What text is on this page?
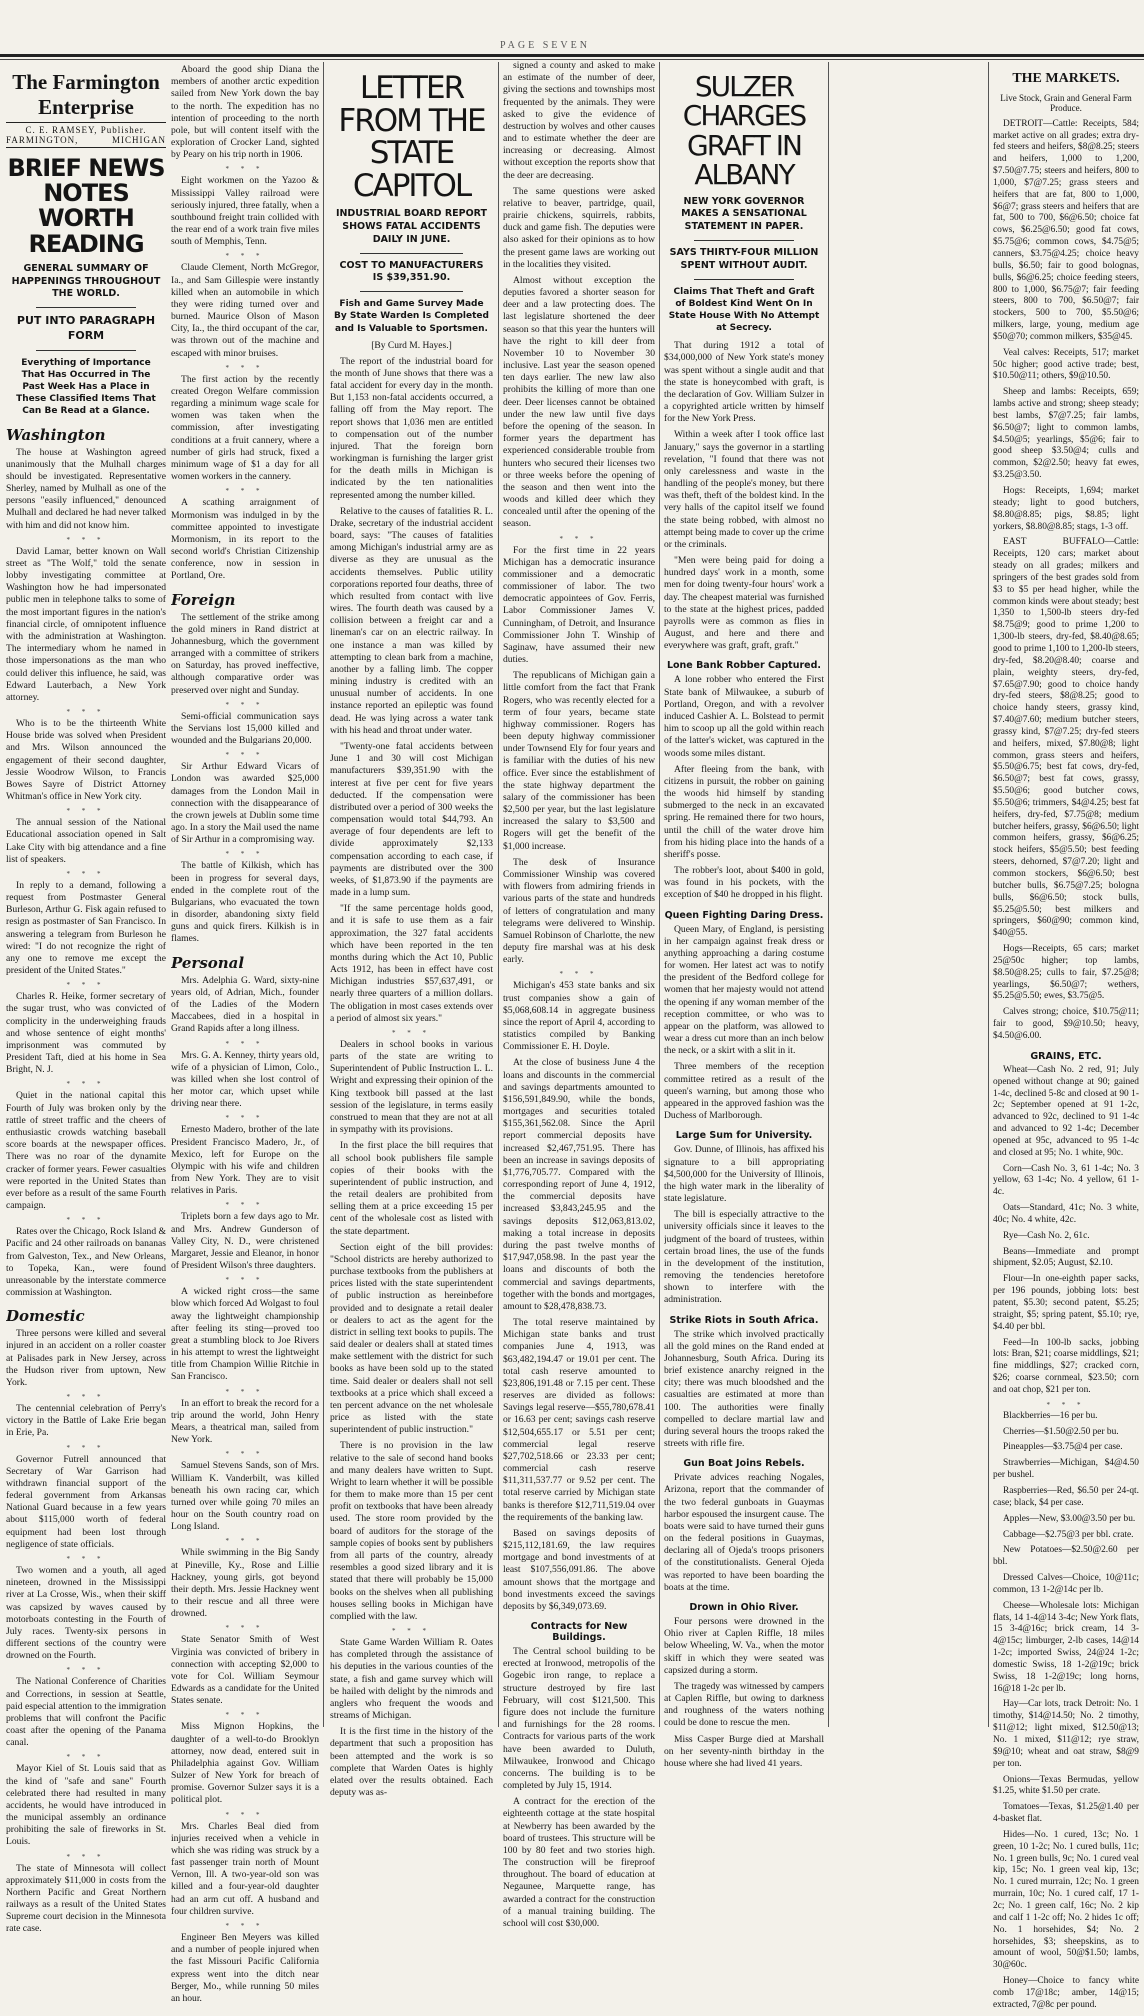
PAGE SEVEN
The Farmington Enterprise
C. E. RAMSEY, Publisher.
FARMINGTON,	MICHIGAN
BRIEF NEWS NOTES WORTH READING
GENERAL SUMMARY OF HAPPENINGS THROUGHOUT THE WORLD.
PUT INTO PARAGRAPH FORM
Everything of Importance That Has Occurred in The Past Week Has a Place in These Classified Items That Can Be Read at a Glance.
Washington

The house at Washington agreed unanimously that the Mulhall charges should be investigated. Representative Sherley, named by Mulhall as one of the persons "easily influenced," denounced Mulhall and declared he had never talked with him and did not know him.

* * *

David Lamar, better known on Wall street as "The Wolf," told the senate lobby investigating committee at Washington how he had impersonated public men in telephone talks to some of the most important figures in the nation's financial circle, of omnipotent influence with the administration at Washington. The intermediary whom he named in those impersonations as the man who could deliver this influence, he said, was Edward Lauterbach, a New York attorney.

* * *

Who is to be the thirteenth White House bride was solved when President and Mrs. Wilson announced the engagement of their second daughter, Jessie Woodrow Wilson, to Francis Bowes Sayre of District Attorney Whitman's office in New York city.

* * *

The annual session of the National Educational association opened in Salt Lake City with big attendance and a fine list of speakers.

* * *

In reply to a demand, following a request from Postmaster General Burleson, Arthur G. Fisk again refused to resign as postmaster of San Francisco. In answering a telegram from Burleson he wired: "I do not recognize the right of any one to remove me except the president of the United States."

* * *

Charles R. Heike, former secretary of the sugar trust, who was convicted of complicity in the underweighing frauds and whose sentence of eight months' imprisonment was commuted by President Taft, died at his home in Sea Bright, N. J.

* * *

Quiet in the national capital this Fourth of July was broken only by the rattle of street traffic and the cheers of enthusiastic crowds watching baseball score boards at the newspaper offices. There was no roar of the dynamite cracker of former years. Fewer casualties were reported in the United States than ever before as a result of the same Fourth campaign.

* * *

Rates over the Chicago, Rock Island & Pacific and 24 other railroads on bananas from Galveston, Tex., and New Orleans, to Topeka, Kan., were found unreasonable by the interstate commerce commission at Washington.

Domestic

Three persons were killed and several injured in an accident on a roller coaster at Palisades park in New Jersey, across the Hudson river from uptown, New York.

* * *

The centennial celebration of Perry's victory in the Battle of Lake Erie began in Erie, Pa.

* * *

Governor Futrell announced that Secretary of War Garrison had withdrawn financial support of the federal government from Arkansas National Guard because in a few years about $115,000 worth of federal equipment had been lost through negligence of state officials.

* * *

Two women and a youth, all aged nineteen, drowned in the Mississippi river at La Crosse, Wis., when their skiff was capsized by waves caused by motorboats contesting in the Fourth of July races. Twenty-six persons in different sections of the country were drowned on the Fourth.

* * *

The National Conference of Charities and Corrections, in session at Seattle, paid especial attention to the immigration problems that will confront the Pacific coast after the opening of the Panama canal.

* * *

Mayor Kiel of St. Louis said that as the kind of "safe and sane" Fourth celebrated there had resulted in many accidents, he would have introduced in the municipal assembly an ordinance prohibiting the sale of fireworks in St. Louis.

* * *

The state of Minnesota will collect approximately $11,000 in costs from the Northern Pacific and Great Northern railways as a result of the United States Supreme court decision in the Minnesota rate case.

Aboard the good ship Diana the members of another arctic expedition sailed from New York down the bay to the north. The expedition has no intention of proceeding to the north pole, but will content itself with the exploration of Crocker Land, sighted by Peary on his trip north in 1906.

* * *

Eight workmen on the Yazoo & Mississippi Valley railroad were seriously injured, three fatally, when a southbound freight train collided with the rear end of a work train five miles south of Memphis, Tenn.

* * *

Claude Clement, North McGregor, Ia., and Sam Gillespie were instantly killed when an automobile in which they were riding turned over and burned. Maurice Olson of Mason City, Ia., the third occupant of the car, was thrown out of the machine and escaped with minor bruises.

* * *

The first action by the recently created Oregon Welfare commission regarding a minimum wage scale for women was taken when the commission, after investigating conditions at a fruit cannery, where a number of girls had struck, fixed a minimum wage of $1 a day for all women workers in the cannery.

* * *

A scathing arraignment of Mormonism was indulged in by the committee appointed to investigate Mormonism, in its report to the second world's Christian Citizenship conference, now in session in Portland, Ore.

Foreign

The settlement of the strike among the gold miners in Rand district at Johannesburg, which the government arranged with a committee of strikers on Saturday, has proved ineffective, although comparative order was preserved over night and Sunday.

* * *

Semi-official communication says the Servians lost 15,000 killed and wounded and the Bulgarians 20,000.

* * *

Sir Arthur Edward Vicars of London was awarded $25,000 damages from the London Mail in connection with the disappearance of the crown jewels at Dublin some time ago. In a story the Mail used the name of Sir Arthur in a compromising way.

* * *

The battle of Kilkish, which has been in progress for several days, ended in the complete rout of the Bulgarians, who evacuated the town in disorder, abandoning sixty field guns and quick firers. Kilkish is in flames.

Personal

Mrs. Adelphia G. Ward, sixty-nine years old, of Adrian, Mich., founder of the Ladies of the Modern Maccabees, died in a hospital in Grand Rapids after a long illness.

* * *

Mrs. G. A. Kenney, thirty years old, wife of a physician of Limon, Colo., was killed when she lost control of her motor car, which upset while driving near there.

* * *

Ernesto Madero, brother of the late President Francisco Madero, Jr., of Mexico, left for Europe on the Olympic with his wife and children from New York. They are to visit relatives in Paris.

* * *

Triplets born a few days ago to Mr. and Mrs. Andrew Gunderson of Valley City, N. D., were christened Margaret, Jessie and Eleanor, in honor of President Wilson's three daughters.

* * *

A wicked right cross—the same blow which forced Ad Wolgast to foul away the lightweight championship after feeling its sting—proved too great a stumbling block to Joe Rivers in his attempt to wrest the lightweight title from Champion Willie Ritchie in San Francisco.

* * *

In an effort to break the record for a trip around the world, John Henry Mears, a theatrical man, sailed from New York.

* * *

Samuel Stevens Sands, son of Mrs. William K. Vanderbilt, was killed beneath his own racing car, which turned over while going 70 miles an hour on the South country road on Long Island.

* * *

While swimming in the Big Sandy at Pineville, Ky., Rose and Lillie Hackney, young girls, got beyond their depth. Mrs. Jessie Hackney went to their rescue and all three were drowned.

* * *

State Senator Smith of West Virginia was convicted of bribery in connection with accepting $2,000 to vote for Col. William Seymour Edwards as a candidate for the United States senate.

* * *

Miss Mignon Hopkins, the daughter of a well-to-do Brooklyn attorney, now dead, entered suit in Philadelphia against Gov. William Sulzer of New York for breach of promise. Governor Sulzer says it is a political plot.

* * *

Mrs. Charles Beal died from injuries received when a vehicle in which she was riding was struck by a fast passenger train north of Mount Vernon, Ill. A two-year-old son was killed and a four-year-old daughter had an arm cut off. A husband and four children survive.

* * *

Engineer Ben Meyers was killed and a number of people injured when the fast Missouri Pacific California express went into the ditch near Berger, Mo., while running 50 miles an hour.

LETTER FROM THE STATE CAPITOL
INDUSTRIAL BOARD REPORT SHOWS FATAL ACCIDENTS DAILY IN JUNE.
COST TO MANUFACTURERS IS $39,351.90.
Fish and Game Survey Made By State Warden Is Completed and Is Valuable to Sportsmen.
[By Curd M. Hayes.]

The report of the industrial board for the month of June shows that there was a fatal accident for every day in the month. But 1,153 non-fatal accidents occurred, a falling off from the May report. The report shows that 1,036 men are entitled to compensation out of the number injured. That the foreign born workingman is furnishing the larger grist for the death mills in Michigan is indicated by the ten nationalities represented among the number killed.

Relative to the causes of fatalities R. L. Drake, secretary of the industrial accident board, says: "The causes of fatalities among Michigan's industrial army are as diverse as they are unusual as the accidents themselves. Public utility corporations reported four deaths, three of which resulted from contact with live wires. The fourth death was caused by a collision between a freight car and a lineman's car on an electric railway. In one instance a man was killed by attempting to clean bark from a machine, another by a falling limb. The copper mining industry is credited with an unusual number of accidents. In one instance reported an epileptic was found dead. He was lying across a water tank with his head and throat under water.

"Twenty-one fatal accidents between June 1 and 30 will cost Michigan manufacturers $39,351.90 with the interest at five per cent for five years deducted. If the compensation were distributed over a period of 300 weeks the compensation would total $44,793. An average of four dependents are left to divide approximately $2,133 compensation according to each case, if payments are distributed over the 300 weeks, of $1,873.90 if the payments are made in a lump sum.

"If the same percentage holds good, and it is safe to use them as a fair approximation, the 327 fatal accidents which have been reported in the ten months during which the Act 10, Public Acts 1912, has been in effect have cost Michigan industries $57,637,491, or nearly three quarters of a million dollars. The obligation in most cases extends over a period of almost six years."

* * *

Dealers in school books in various parts of the state are writing to Superintendent of Public Instruction L. L. Wright and expressing their opinion of the King textbook bill passed at the last session of the legislature, in terms easily construed to mean that they are not at all in sympathy with its provisions.

In the first place the bill requires that all school book publishers file sample copies of their books with the superintendent of public instruction, and the retail dealers are prohibited from selling them at a price exceeding 15 per cent of the wholesale cost as listed with the state department.

Section eight of the bill provides: "School districts are hereby authorized to purchase textbooks from the publishers at prices listed with the state superintendent of public instruction as hereinbefore provided and to designate a retail dealer or dealers to act as the agent for the district in selling text books to pupils. The said dealer or dealers shall at stated times make settlement with the district for such books as have been sold up to the stated time. Said dealer or dealers shall not sell textbooks at a price which shall exceed a ten percent advance on the net wholesale price as listed with the state superintendent of public instruction."

There is no provision in the law relative to the sale of second hand books and many dealers have written to Supt. Wright to learn whether it will be possible for them to make more than 15 per cent profit on textbooks that have been already used. The store room provided by the board of auditors for the storage of the sample copies of books sent by publishers from all parts of the country, already resembles a good sized library and it is stated that there will probably be 15,000 books on the shelves when all publishing houses selling books in Michigan have complied with the law.

* * *

State Game Warden William R. Oates has completed through the assistance of his deputies in the various counties of the state, a fish and game survey which will be hailed with delight by the nimrods and anglers who frequent the woods and streams of Michigan.

It is the first time in the history of the department that such a proposition has been attempted and the work is so complete that Warden Oates is highly elated over the results obtained. Each deputy was as-

signed a county and asked to make an estimate of the number of deer, giving the sections and townships most frequented by the animals. They were asked to give the evidence of destruction by wolves and other causes and to estimate whether the deer are increasing or decreasing. Almost without exception the reports show that the deer are decreasing.

The same questions were asked relative to beaver, partridge, quail, prairie chickens, squirrels, rabbits, duck and game fish. The deputies were also asked for their opinions as to how the present game laws are working out in the localities they visited.

Almost without exception the deputies favored a shorter season for deer and a law protecting does. The last legislature shortened the deer season so that this year the hunters will have the right to kill deer from November 10 to November 30 inclusive. Last year the season opened ten days earlier. The new law also prohibits the killing of more than one deer. Deer licenses cannot be obtained under the new law until five days before the opening of the season. In former years the department has experienced considerable trouble from hunters who secured their licenses two or three weeks before the opening of the season and then went into the woods and killed deer which they concealed until after the opening of the season.

* * *

For the first time in 22 years Michigan has a democratic insurance commissioner and a democratic commissioner of labor. The two democratic appointees of Gov. Ferris, Labor Commissioner James V. Cunningham, of Detroit, and Insurance Commissioner John T. Winship of Saginaw, have assumed their new duties.

The republicans of Michigan gain a little comfort from the fact that Frank Rogers, who was recently elected for a term of four years, became state highway commissioner. Rogers has been deputy highway commissioner under Townsend Ely for four years and is familiar with the duties of his new office. Ever since the establishment of the state highway department the salary of the commissioner has been $2,500 per year, but the last legislature increased the salary to $3,500 and Rogers will get the benefit of the $1,000 increase.

The desk of Insurance Commissioner Winship was covered with flowers from admiring friends in various parts of the state and hundreds of letters of congratulation and many telegrams were delivered to Winship. Samuel Robinson of Charlotte, the new deputy fire marshal was at his desk early.

* * *

Michigan's 453 state banks and six trust companies show a gain of $5,068,608.14 in aggregate business since the report of April 4, according to statistics compiled by Banking Commissioner E. H. Doyle.

At the close of business June 4 the loans and discounts in the commercial and savings departments amounted to $156,591,849.90, while the bonds, mortgages and securities totaled $155,361,562.08. Since the April report commercial deposits have increased $2,467,751.95. There has been an increase in savings deposits of $1,776,705.77. Compared with the corresponding report of June 4, 1912, the commercial deposits have increased $3,843,245.95 and the savings deposits $12,063,813.02, making a total increase in deposits during the past twelve months of $17,947,058.98. In the past year the loans and discounts of both the commercial and savings departments, together with the bonds and mortgages, amount to $28,478,838.73.

The total reserve maintained by Michigan state banks and trust companies June 4, 1913, was $63,482,194.47 or 19.01 per cent. The total cash reserve amounted to $23,806,191.48 or 7.15 per cent. These reserves are divided as follows: Savings legal reserve—$55,780,678.41 or 16.63 per cent; savings cash reserve $12,504,655.17 or 5.51 per cent; commercial legal reserve $27,702,518.66 or 23.33 per cent; commercial cash reserve $11,311,537.77 or 9.52 per cent. The total reserve carried by Michigan state banks is therefore $12,711,519.04 over the requirements of the banking law.

Based on savings deposits of $215,112,181.69, the law requires mortgage and bond investments of at least $107,556,091.86. The above amount shows that the mortgage and bond investments exceed the savings deposits by $6,349,073.69.

Contracts for New Buildings.

The Central school building to be erected at Ironwood, metropolis of the Gogebic iron range, to replace a structure destroyed by fire last February, will cost $121,500. This figure does not include the furniture and furnishings for the 28 rooms. Contracts for various parts of the work have been awarded to Duluth, Milwaukee, Ironwood and Chicago concerns. The building is to be completed by July 15, 1914.

A contract for the erection of the eighteenth cottage at the state hospital at Newberry has been awarded by the board of trustees. This structure will be 100 by 80 feet and two stories high. The construction will be fireproof throughout. The board of education at Negaunee, Marquette range, has awarded a contract for the construction of a manual training building. The school will cost $30,000.

SULZER CHARGES GRAFT IN ALBANY
NEW YORK GOVERNOR MAKES A SENSATIONAL STATEMENT IN PAPER.
SAYS THIRTY-FOUR MILLION SPENT WITHOUT AUDIT.
Claims That Theft and Graft of Boldest Kind Went On In State House With No Attempt at Secrecy.

That during 1912 a total of $34,000,000 of New York state's money was spent without a single audit and that the state is honeycombed with graft, is the declaration of Gov. William Sulzer in a copyrighted article written by himself for the New York Press.

Within a week after I took office last January," says the governor in a startling revelation, "I found that there was not only carelessness and waste in the handling of the people's money, but there was theft, theft of the boldest kind. In the very halls of the capitol itself we found the state being robbed, with almost no attempt being made to cover up the crime or the criminals.

"Men were being paid for doing a hundred days' work in a month, some men for doing twenty-four hours' work a day. The cheapest material was furnished to the state at the highest prices, padded payrolls were as common as flies in August, and here and there and everywhere was graft, graft, graft."

Lone Bank Robber Captured.

A lone robber who entered the First State bank of Milwaukee, a suburb of Portland, Oregon, and with a revolver induced Cashier A. L. Bolstead to permit him to scoop up all the gold within reach of the latter's wicket, was captured in the woods some miles distant.

After fleeing from the bank, with citizens in pursuit, the robber on gaining the woods hid himself by standing submerged to the neck in an excavated spring. He remained there for two hours, until the chill of the water drove him from his hiding place into the hands of a sheriff's posse.

The robber's loot, about $400 in gold, was found in his pockets, with the exception of $40 he dropped in his flight.

Queen Fighting Daring Dress.

Queen Mary, of England, is persisting in her campaign against freak dress or anything approaching a daring costume for women. Her latest act was to notify the president of the Bedford college for women that her majesty would not attend the opening if any woman member of the reception committee, or who was to appear on the platform, was allowed to wear a dress cut more than an inch below the neck, or a skirt with a slit in it.

Three members of the reception committee retired as a result of the queen's warning, but among those who appeared in the approved fashion was the Duchess of Marlborough.

Large Sum for University.

Gov. Dunne, of Illinois, has affixed his signature to a bill appropriating $4,500,000 for the University of Illinois, the high water mark in the liberality of state legislature.

The bill is especially attractive to the university officials since it leaves to the judgment of the board of trustees, within certain broad lines, the use of the funds in the development of the institution, removing the tendencies heretofore shown to interfere with the administration.

Strike Riots in South Africa.

The strike which involved practically all the gold mines on the Rand ended at Johannesburg, South Africa. During its brief existence anarchy reigned in the city; there was much bloodshed and the casualties are estimated at more than 100. The authorities were finally compelled to declare martial law and during several hours the troops raked the streets with rifle fire.

Gun Boat Joins Rebels.

Private advices reaching Nogales, Arizona, report that the commander of the two federal gunboats in Guaymas harbor espoused the insurgent cause. The boats were said to have turned their guns on the federal positions in Guaymas, declaring all of Ojeda's troops prisoners of the constitutionalists. General Ojeda was reported to have been boarding the boats at the time.

Drown in Ohio River.

Four persons were drowned in the Ohio river at Caplen Riffle, 18 miles below Wheeling, W. Va., when the motor skiff in which they were seated was capsized during a storm.

The tragedy was witnessed by campers at Caplen Riffle, but owing to darkness and roughness of the waters nothing could be done to rescue the men.

Miss Casper Burge died at Marshall on her seventy-ninth birthday in the house where she had lived 41 years.

THE MARKETS.
Live Stock, Grain and General Farm Produce.

DETROIT—Cattle: Receipts, 584; market active on all grades; extra dry-fed steers and heifers, $8@8.25; steers and heifers, 1,000 to 1,200, $7.50@7.75; steers and heifers, 800 to 1,000, $7@7.25; grass steers and heifers that are fat, 800 to 1,000, $6@7; grass steers and heifers that are fat, 500 to 700, $6@6.50; choice fat cows, $6.25@6.50; good fat cows, $5.75@6; common cows, $4.75@5; canners, $3.75@4.25; choice heavy bulls, $6.50; fair to good bolognas, bulls, $6@6.25; choice feeding steers, 800 to 1,000, $6.75@7; fair feeding steers, 800 to 700, $6.50@7; fair stockers, 500 to 700, $5.50@6; milkers, large, young, medium age $50@70; common milkers, $35@45.

Veal calves: Receipts, 517; market 50c higher; good active trade; best, $10.50@11; others, $9@10.50.

Sheep and lambs: Receipts, 659; lambs active and strong; sheep steady; best lambs, $7@7.25; fair lambs, $6.50@7; light to common lambs, $4.50@5; yearlings, $5@6; fair to good sheep $3.50@4; culls and common, $2@2.50; heavy fat ewes, $3.25@3.50.

Hogs: Receipts, 1,694; market steady; light to good butchers, $8.80@8.85; pigs, $8.85; light yorkers, $8.80@8.85; stags, 1-3 off.

EAST BUFFALO—Cattle: Receipts, 120 cars; market about steady on all grades; milkers and springers of the best grades sold from $3 to $5 per head higher, while the common kinds were about steady; best 1,350 to 1,500-lb steers dry-fed $8.75@9; good to prime 1,200 to 1,300-lb steers, dry-fed, $8.40@8.65; good to prime 1,100 to 1,200-lb steers, dry-fed, $8.20@8.40; coarse and plain, weighty steers, dry-fed, $7.65@7.90; good to choice handy dry-fed steers, $8@8.25; good to choice handy steers, grassy kind, $7.40@7.60; medium butcher steers, grassy kind, $7@7.25; dry-fed steers and heifers, mixed, $7.80@8; light common, grass steers and heifers, $5.50@6.75; best fat cows, dry-fed, $6.50@7; best fat cows, grassy, $5.50@6; good butcher cows, $5.50@6; trimmers, $4@4.25; best fat heifers, dry-fed, $7.75@8; medium butcher heifers, grassy, $6@6.50; light common heifers, grassy, $6@6.25; stock heifers, $5@5.50; best feeding steers, dehorned, $7@7.20; light and common stockers, $6@6.50; best butcher bulls, $6.75@7.25; bologna bulls, $6@6.50; stock bulls, $5.25@5.50; best milkers and springers, $60@90; common kind, $40@55.

Hogs—Receipts, 65 cars; market 25@50c higher; top lambs, $8.50@8.25; culls to fair, $7.25@8; yearlings, $6.50@7; wethers, $5.25@5.50; ewes, $3.75@5.

Calves strong; choice, $10.75@11; fair to good, $9@10.50; heavy, $4.50@6.00.

GRAINS, ETC.

Wheat—Cash No. 2 red, 91; July opened without change at 90; gained 1-4c, declined 5-8c and closed at 90 1-2c; September opened at 91 1-2c, advanced to 92c, declined to 91 1-4c and advanced to 92 1-4c; December opened at 95c, advanced to 95 1-4c and closed at 95; No. 1 white, 90c.

Corn—Cash No. 3, 61 1-4c; No. 3 yellow, 63 1-4c; No. 4 yellow, 61 1-4c.

Oats—Standard, 41c; No. 3 white, 40c; No. 4 white, 42c.

Rye—Cash No. 2, 61c.

Beans—Immediate and prompt shipment, $2.05; August, $2.10.

Flour—In one-eighth paper sacks, per 196 pounds, jobbing lots: best patent, $5.30; second patent, $5.25; straight, $5; spring patent, $5.10; rye, $4.40 per bbl.

Feed—In 100-lb sacks, jobbing lots: Bran, $21; coarse middlings, $21; fine middlings, $27; cracked corn, $26; coarse cornmeal, $23.50; corn and oat chop, $21 per ton.

* * *

Blackberries—16 per bu.

Cherries—$1.50@2.50 per bu.

Pineapples—$3.75@4 per case.

Strawberries—Michigan, $4@4.50 per bushel.

Raspberries—Red, $6.50 per 24-qt. case; black, $4 per case.

Apples—New, $3.00@3.50 per bu.

Cabbage—$2.75@3 per bbl. crate.

New Potatoes—$2.50@2.60 per bbl.

Dressed Calves—Choice, 10@11c; common, 13 1-2@14c per lb.

Cheese—Wholesale lots: Michigan flats, 14 1-4@14 3-4c; New York flats, 15 3-4@16c; brick cream, 14 3-4@15c; limburger, 2-lb cases, 14@14 1-2c; imported Swiss, 24@24 1-2c; domestic Swiss, 18 1-2@19c; brick Swiss, 18 1-2@19c; long horns, 16@18 1-2c per lb.

Hay—Car lots, track Detroit: No. 1 timothy, $14@14.50; No. 2 timothy, $11@12; light mixed, $12.50@13; No. 1 mixed, $11@12; rye straw, $9@10; wheat and oat straw, $8@9 per ton.

Onions—Texas Bermudas, yellow $1.25, white $1.50 per crate.

Tomatoes—Texas, $1.25@1.40 per 4-basket flat.

Hides—No. 1 cured, 13c; No. 1 green, 10 1-2c; No. 1 cured bulls, 11c; No. 1 green bulls, 9c; No. 1 cured veal kip, 15c; No. 1 green veal kip, 13c; No. 1 cured murrain, 12c; No. 1 green murrain, 10c; No. 1 cured calf, 17 1-2c; No. 1 green calf, 16c; No. 2 kip and calf 1 1-2c off; No. 2 hides 1c off; No. 1 horsehides, $4; No. 2 horsehides, $3; sheepskins, as to amount of wool, 50@$1.50; lambs, 30@60c.

Honey—Choice to fancy white comb 17@18c; amber, 14@15; extracted, 7@8c per pound.
